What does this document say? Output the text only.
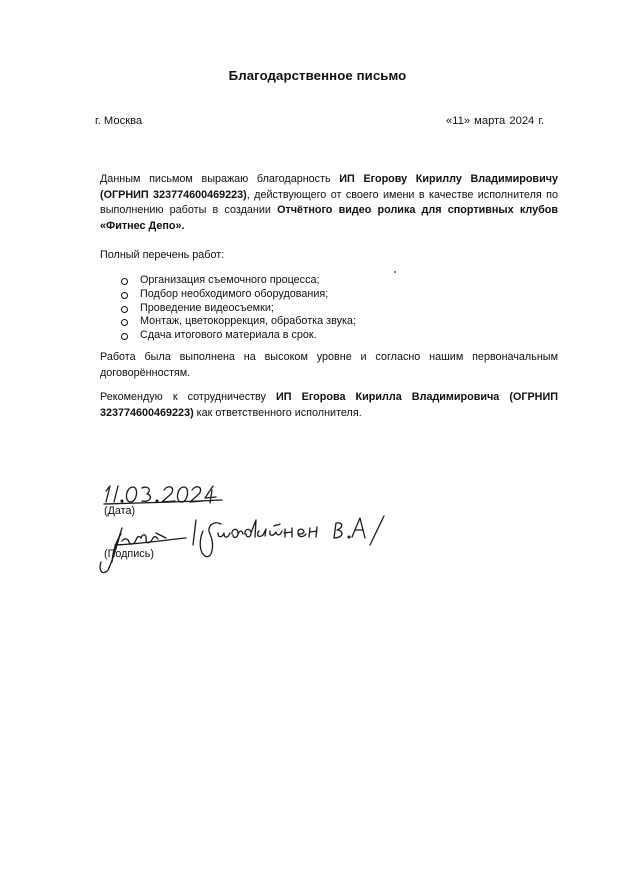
Благодарственное письмо
г. Москва	«11» марта 2024 г.
Данным письмом выражаю благодарность ИП Егорову Кириллу Владимировичу (ОГРНИП 323774600469223), действующего от своего имени в качестве исполнителя по выполнению работы в создании Отчётного видео ролика для спортивных клубов «Фитнес Депо».
Полный перечень работ:
Организация съемочного процесса;
Подбор необходимого оборудования;
Проведение видеосъемки;
Монтаж, цветокоррекция, обработка звука;
Сдача итогового материала в срок.
Работа была выполнена на высоком уровне и согласно нашим первоначальным договорённостям.
Рекомендую к сотрудничеству ИП Егорова Кирилла Владимировича (ОГРНИП 323774600469223) как ответственного исполнителя.
(Дата)
(Подпись)
